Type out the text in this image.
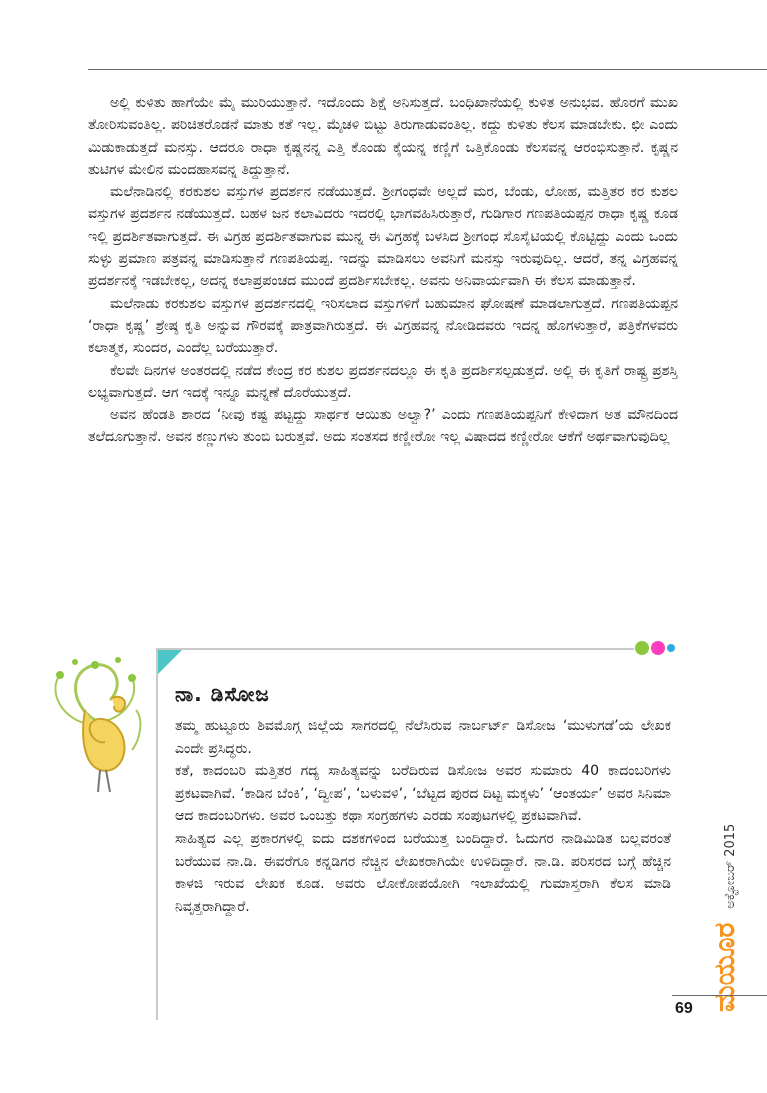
ಅಲ್ಲಿ ಕುಳಿತು ಹಾಗೆಯೇ ಮೈ ಮುರಿಯುತ್ತಾನೆ. ಇದೊಂದು ಶಿಕ್ಷೆ ಅನಿಸುತ್ತದೆ. ಬಂಧಿಖಾನೆಯಲ್ಲಿ ಕುಳಿತ ಅನುಭವ. ಹೊರಗೆ ಮುಖ ತೋರಿಸುವಂತಿಲ್ಲ. ಪರಿಚಿತರೊಡನೆ ಮಾತು ಕತೆ ಇಲ್ಲ. ಮೈಚಳಿ ಬಿಟ್ಟು ತಿರುಗಾಡುವಂತಿಲ್ಲ. ಕದ್ದು ಕುಳಿತು ಕೆಲಸ ಮಾಡಬೇಕು. ಛೀ ಎಂದು ಮಿಡುಕಾಡುತ್ತದೆ ಮನಸ್ಸು. ಆದರೂ ರಾಧಾ ಕೃಷ್ಣನನ್ನ ಎತ್ತಿ ಕೊಂಡು ಕೈಯನ್ನ ಕಣ್ಣಿಗೆ ಒತ್ತಿಕೊಂಡು ಕೆಲಸವನ್ನ ಆರಂಭಿಸುತ್ತಾನೆ. ಕೃಷ್ಣನ ತುಟಿಗಳ ಮೇಲಿನ ಮಂದಹಾಸವನ್ನ ತಿದ್ದುತ್ತಾನೆ.

ಮಲೆನಾಡಿನಲ್ಲಿ ಕರಕುಶಲ ವಸ್ತುಗಳ ಪ್ರದರ್ಶನ ನಡೆಯುತ್ತದೆ. ಶ್ರೀಗಂಧವೇ ಅಲ್ಲದೆ ಮರ, ಬೆಂಡು, ಲೋಹ, ಮತ್ತಿತರ ಕರ ಕುಶಲ ವಸ್ತುಗಳ ಪ್ರದರ್ಶನ ನಡೆಯುತ್ತದೆ. ಬಹಳ ಜನ ಕಲಾವಿದರು ಇದರಲ್ಲಿ ಭಾಗವಹಿಸಿರುತ್ತಾರೆ, ಗುಡಿಗಾರ ಗಣಪತಿಯಪ್ಪನ ರಾಧಾ ಕೃಷ್ಣ ಕೂಡ ಇಲ್ಲಿ ಪ್ರದರ್ಶಿತವಾಗುತ್ತದೆ. ಈ ವಿಗ್ರಹ ಪ್ರದರ್ಶಿತವಾಗುವ ಮುನ್ನ ಈ ವಿಗ್ರಹಕ್ಕೆ ಬಳಸಿದ ಶ್ರೀಗಂಧ ಸೊಸೈಟಿಯಲ್ಲಿ ಕೊಟ್ಟಿದ್ದು ಎಂದು ಒಂದು ಸುಳ್ಳು ಪ್ರಮಾಣ ಪತ್ರವನ್ನ ಮಾಡಿಸುತ್ತಾನೆ ಗಣಪತಿಯಪ್ಪ. ಇದನ್ನು ಮಾಡಿಸಲು ಅವನಿಗೆ ಮನಸ್ಸು ಇರುವುದಿಲ್ಲ. ಆದರೆ, ತನ್ನ ವಿಗ್ರಹವನ್ನ ಪ್ರದರ್ಶನಕ್ಕೆ ಇಡಬೇಕಲ್ಲ, ಅದನ್ನ ಕಲಾಪ್ರಪಂಚದ ಮುಂದೆ ಪ್ರದರ್ಶಿಸಬೇಕಲ್ಲ. ಅವನು ಅನಿವಾರ್ಯವಾಗಿ ಈ ಕೆಲಸ ಮಾಡುತ್ತಾನೆ.

ಮಲೆನಾಡು ಕರಕುಶಲ ವಸ್ತುಗಳ ಪ್ರದರ್ಶನದಲ್ಲಿ ಇರಿಸಲಾದ ವಸ್ತುಗಳಿಗೆ ಬಹುಮಾನ ಘೋಷಣೆ ಮಾಡಲಾಗುತ್ತದೆ. ಗಣಪತಿಯಪ್ಪನ ‘ರಾಧಾ ಕೃಷ್ಣ’ ಶ್ರೇಷ್ಠ ಕೃತಿ ಅನ್ನುವ ಗೌರವಕ್ಕೆ ಪಾತ್ರವಾಗಿರುತ್ತದೆ. ಈ ವಿಗ್ರಹವನ್ನ ನೋಡಿದವರು ಇದನ್ನ ಹೊಗಳುತ್ತಾರೆ, ಪತ್ರಿಕೆಗಳವರು ಕಲಾತ್ಮಕ, ಸುಂದರ, ಎಂದೆಲ್ಲ ಬರೆಯುತ್ತಾರೆ.

ಕೆಲವೇ ದಿನಗಳ ಅಂತರದಲ್ಲಿ ನಡೆದ ಕೇಂದ್ರ ಕರ ಕುಶಲ ಪ್ರದರ್ಶನದಲ್ಲೂ ಈ ಕೃತಿ ಪ್ರದರ್ಶಿಸಲ್ಪಡುತ್ತದೆ. ಅಲ್ಲಿ ಈ ಕೃತಿಗೆ ರಾಷ್ಟ್ರ ಪ್ರಶಸ್ತಿ ಲಭ್ಯವಾಗುತ್ತದೆ. ಆಗ ಇದಕ್ಕೆ ಇನ್ನೂ ಮನ್ನಣೆ ದೊರೆಯುತ್ತದೆ.

ಅವನ ಹೆಂಡತಿ ಶಾರದ ‘ನೀವು ಕಷ್ಟ ಪಟ್ಟದ್ದು ಸಾರ್ಥಕ ಆಯಿತು ಅಲ್ವಾ?’ ಎಂದು ಗಣಪತಿಯಪ್ಪನಿಗೆ ಕೇಳಿದಾಗ ಅತ ಮೌನದಿಂದ ತಲೆದೂಗುತ್ತಾನೆ. ಅವನ ಕಣ್ಣುಗಳು ತುಂಬಿ ಬರುತ್ತವೆ. ಅದು ಸಂತಸದ ಕಣ್ಣೀರೋ ಇಲ್ಲ ವಿಷಾದದ ಕಣ್ಣೀರೋ ಆಕೆಗೆ ಅರ್ಥವಾಗುವುದಿಲ್ಲ

ನಾ. ಡಿಸೋಜ

ತಮ್ಮ ಹುಟ್ಟೂರು ಶಿವಮೊಗ್ಗ ಜಿಲ್ಲೆಯ ಸಾಗರದಲ್ಲಿ ನೆಲೆಸಿರುವ ನಾರ್ಬರ್ಟ್ ಡಿಸೋಜ ‘ಮುಳುಗಡೆ’ಯ ಲೇಖಕ ಎಂದೇ ಪ್ರಸಿದ್ಧರು.

ಕತೆ, ಕಾದಂಬರಿ ಮತ್ತಿತರ ಗದ್ಯ ಸಾಹಿತ್ಯವನ್ನು ಬರೆದಿರುವ ಡಿಸೋಜ ಅವರ ಸುಮಾರು 40 ಕಾದಂಬರಿಗಳು ಪ್ರಕಟವಾಗಿವೆ. ‘ಕಾಡಿನ ಬೆಂಕಿ’, ‘ದ್ವೀಪ’, ‘ಬಳುವಳಿ’, ‘ಬೆಟ್ಟದ ಪುರದ ದಿಟ್ಟ ಮಕ್ಕಳು’ ‘ಆಂತರ್ಯ’ ಅವರ ಸಿನಿಮಾ ಆದ ಕಾದಂಬರಿಗಳು. ಅವರ ಒಂಬತ್ತು ಕಥಾ ಸಂಗ್ರಹಗಳು ಎರಡು ಸಂಪುಟಗಳಲ್ಲಿ ಪ್ರಕಟವಾಗಿವೆ.

ಸಾಹಿತ್ಯದ ಎಲ್ಲ ಪ್ರಕಾರಗಳಲ್ಲಿ ಐದು ದಶಕಗಳಿಂದ ಬರೆಯುತ್ತ ಬಂದಿದ್ದಾರೆ. ಓದುಗರ ನಾಡಿಮಿಡಿತ ಬಲ್ಲವರಂತೆ ಬರೆಯುವ ನಾ.ಡಿ. ಈವರೆಗೂ ಕನ್ನಡಿಗರ ನೆಚ್ಚಿನ ಲೇಖಕರಾಗಿಯೇ ಉಳಿದಿದ್ದಾರೆ. ನಾ.ಡಿ. ಪರಿಸರದ ಬಗ್ಗೆ ಹೆಚ್ಚಿನ ಕಾಳಜಿ ಇರುವ ಲೇಖಕ ಕೂಡ. ಅವರು ಲೋಕೋಪಯೋಗಿ ಇಲಾಖೆಯಲ್ಲಿ ಗುಮಾಸ್ತರಾಗಿ ಕೆಲಸ ಮಾಡಿ ನಿವೃತ್ತರಾಗಿದ್ದಾರೆ.

ಮಯೂರ
ಅಕ್ಟೋಬರ್ 2015
69
